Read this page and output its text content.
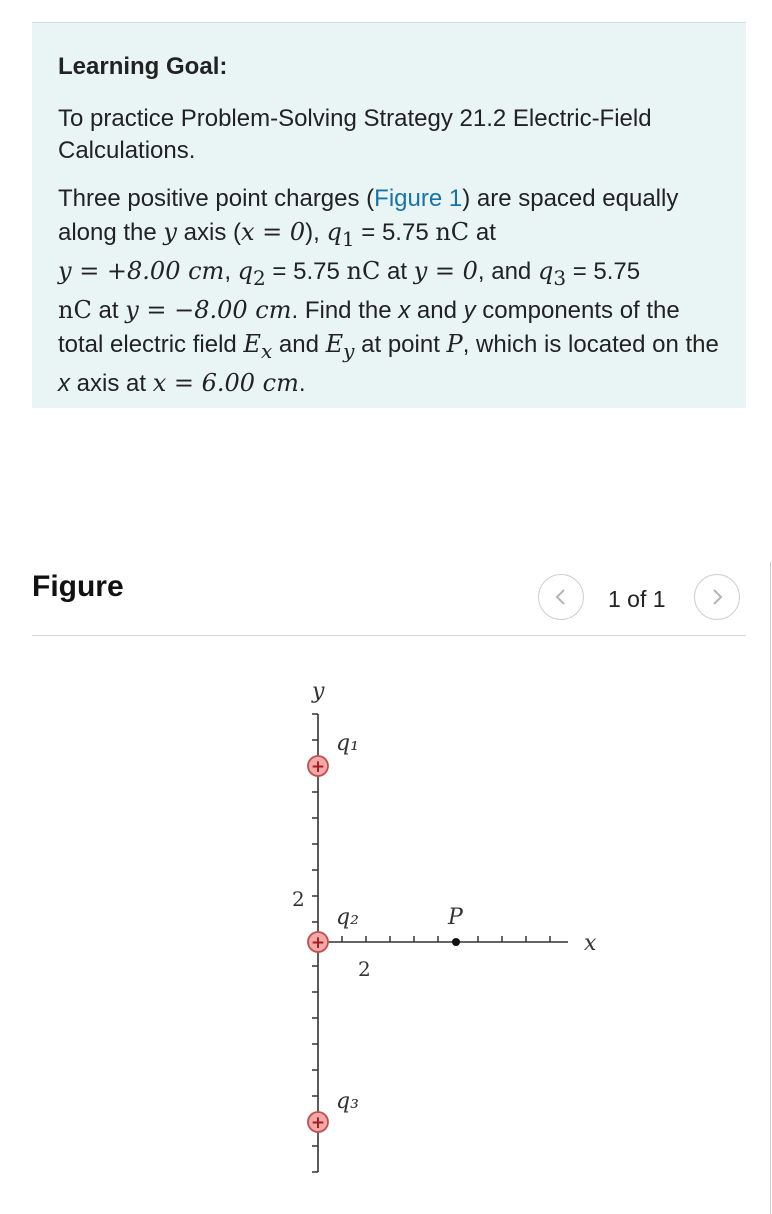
Learning Goal:
To practice Problem-Solving Strategy 21.2 Electric-Field Calculations.
Three positive point charges (Figure 1) are spaced equally along the y axis (x = 0), $q_1 = 5.75$ nC at
y = +8.00 cm, $q_2 = 5.75$ nC at y = 0, and $q_3 = 5.75$
nC at y = −8.00 cm. Find the x and y components of the total electric field $E_x$ and $E_y$ at point P, which is located on the x axis at x = 6.00 cm.
Figure	1 of 1
y
x
2
2
+
q₁
+
q₂
+
q₃
P
